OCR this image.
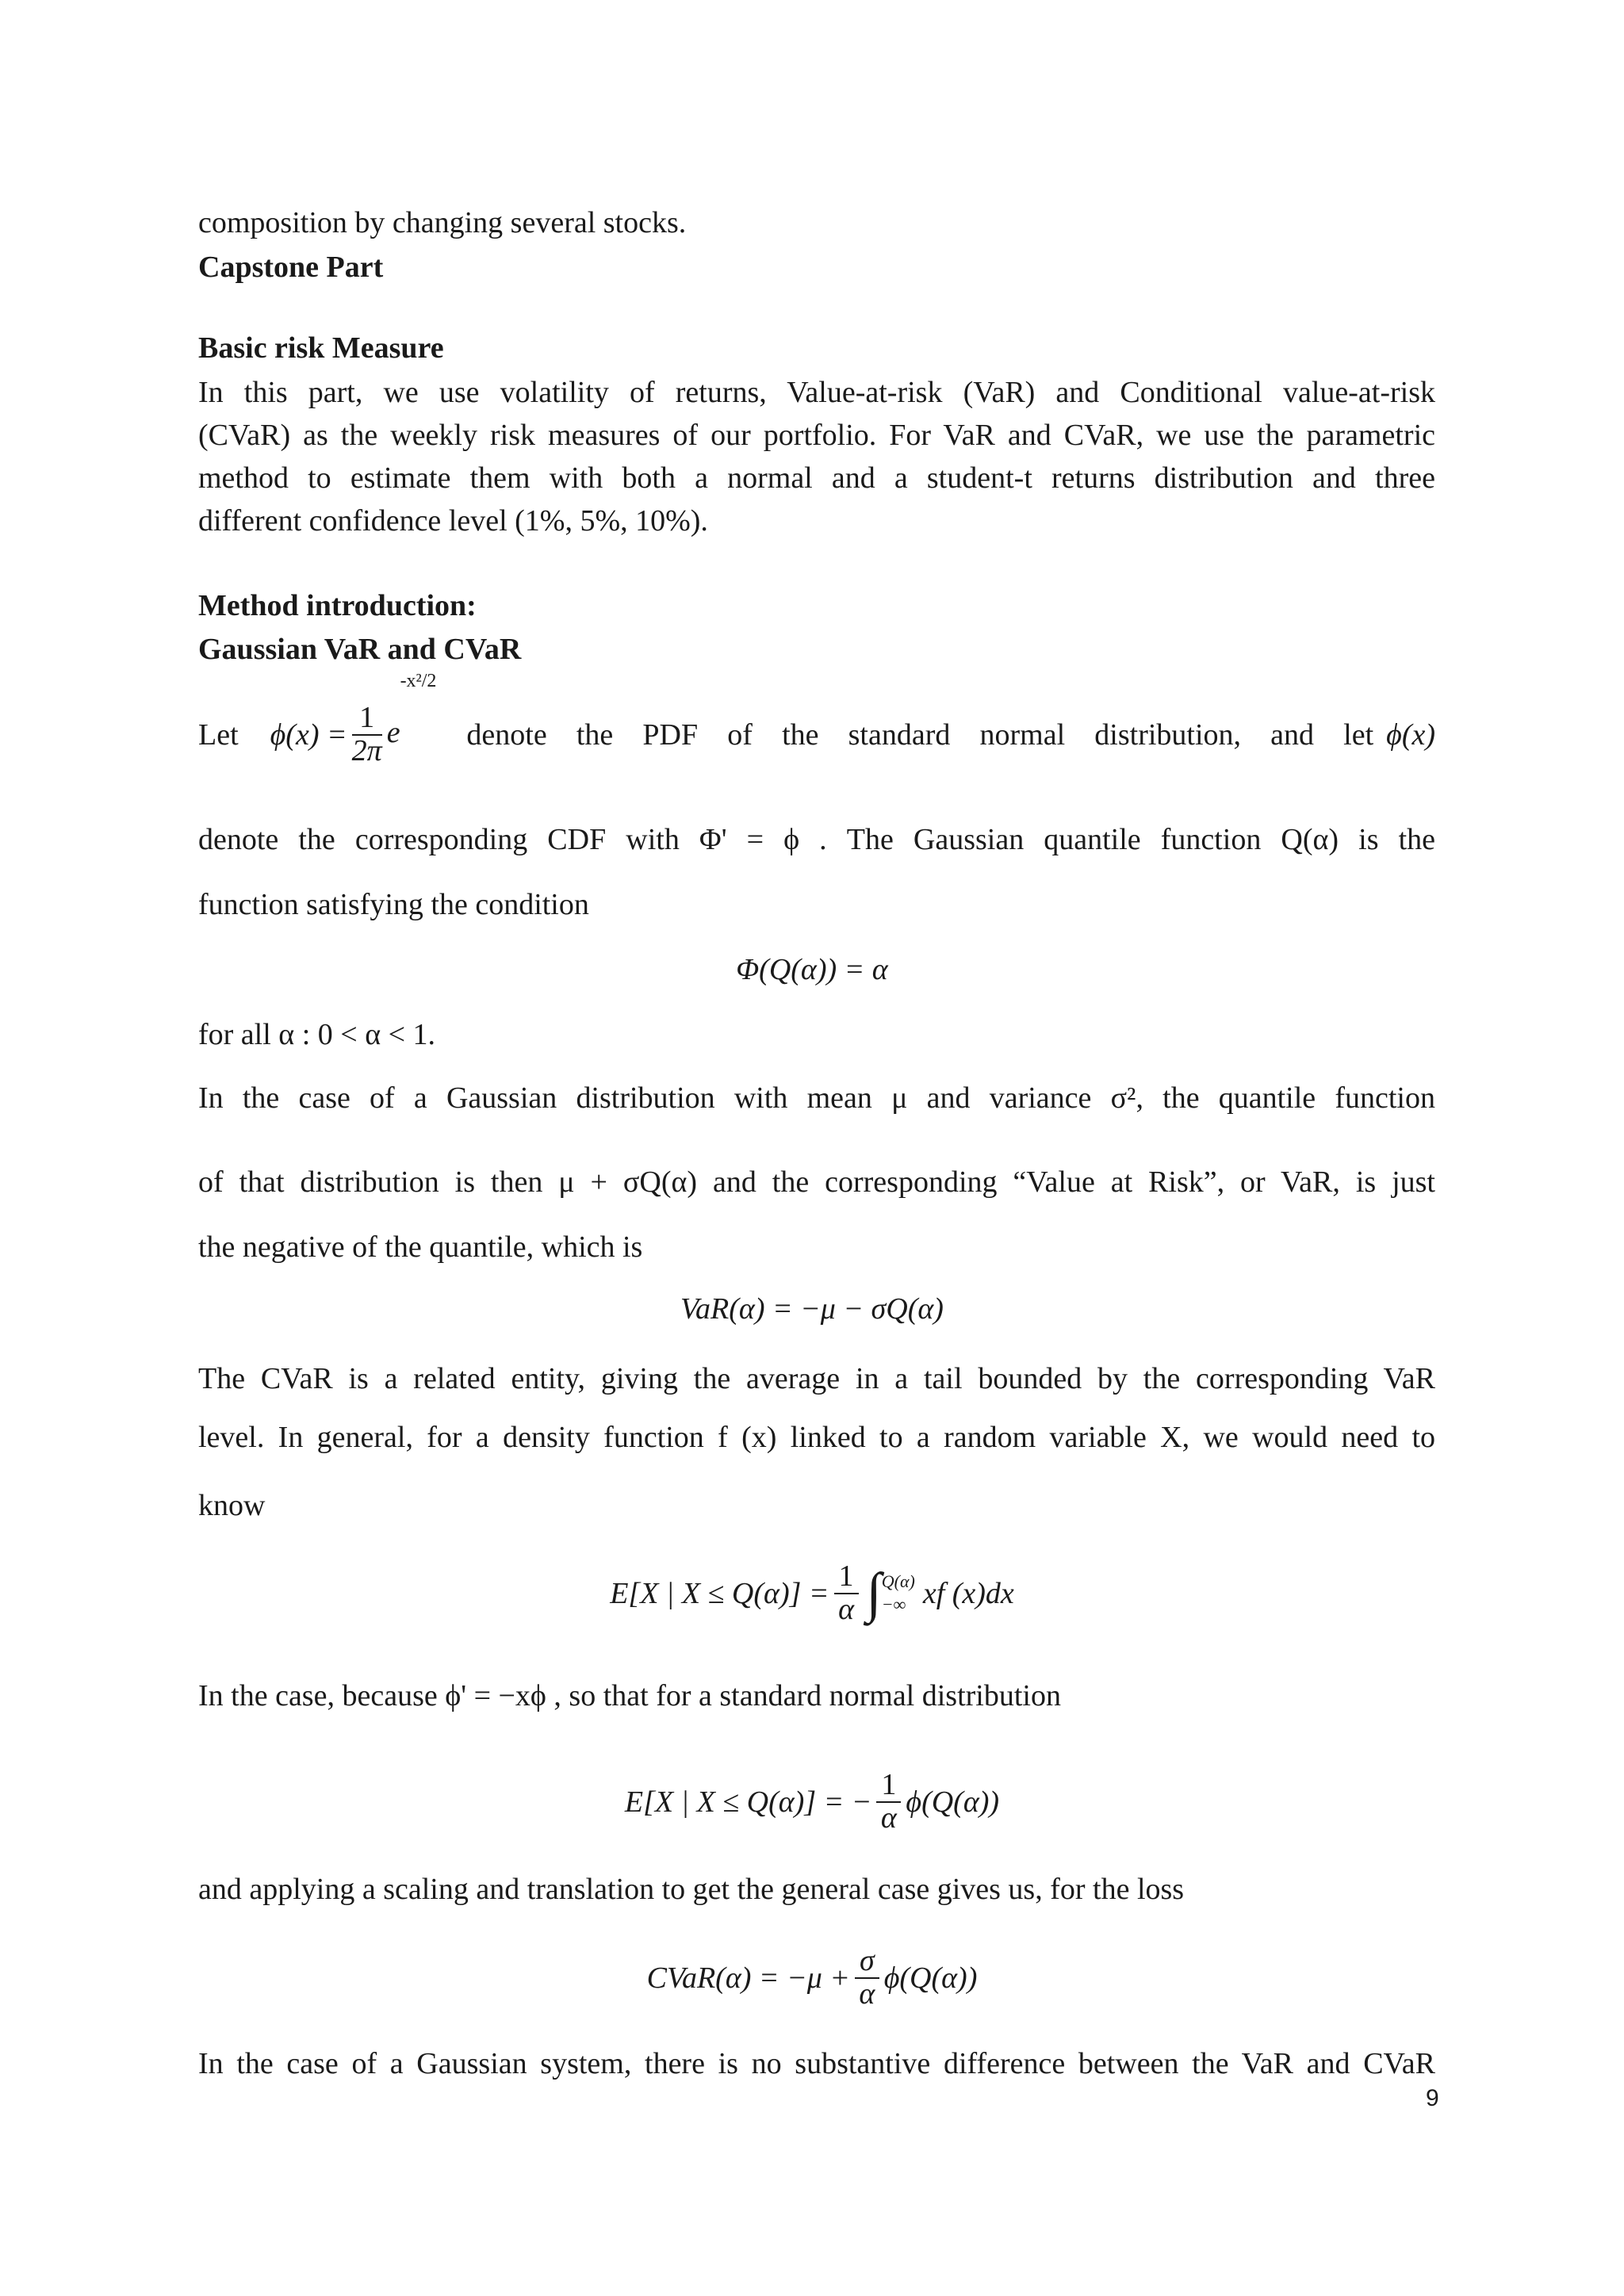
composition by changing several stocks.
Capstone Part
Basic risk Measure
In this part, we use volatility of returns, Value-at-risk (VaR) and Conditional value-at-risk
(CVaR) as the weekly risk measures of our portfolio. For VaR and CVaR, we use the parametric
method to estimate them with both a normal and a student-t returns distribution and three
different confidence level (1%, 5%, 10%).
Method introduction:
Gaussian VaR and CVaR
Let $\phi(x) = \frac{1}{2\pi}$ e
-x²/2
denote the PDF of the standard normal distribution, and let ϕ(x)
denote the corresponding CDF with Φ' = ϕ . The Gaussian quantile function Q(α) is the
function satisfying the condition
Φ(Q(α)) = α
for all α : 0 < α < 1.
In the case of a Gaussian distribution with mean μ and variance σ², the quantile function
of that distribution is then μ + σQ(α) and the corresponding “Value at Risk”, or VaR, is just
the negative of the quantile, which is
VaR(α) = −μ − σQ(α)
The CVaR is a related entity, giving the average in a tail bounded by the corresponding VaR
level. In general, for a density function f (x) linked to a random variable X, we would need to
know
E[X | $X \le Q(\alpha)] = \frac{1}{\alpha}$ ∫ Q(α)
−∞ xf (x)dx
In the case, because ϕ' = −xϕ , so that for a standard normal distribution
E[X | X ≤ Q(α)] = − $\frac{1}{\alpha} \phi(Q(\alpha))$
and applying a scaling and translation to get the general case gives us, for the loss
CVaR(α) = $-\mu + \frac{\sigma}{\alpha} \phi(Q(\alpha))$
In the case of a Gaussian system, there is no substantive difference between the VaR and CVaR
9
